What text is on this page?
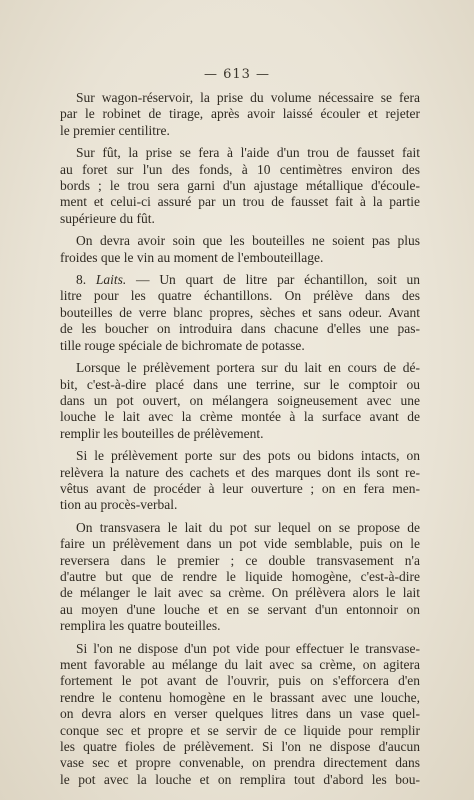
— 613 —
Sur wagon-réservoir, la prise du volume nécessaire se fera
par le robinet de tirage, après avoir laissé écouler et rejeter
le premier centilitre.
Sur fût, la prise se fera à l'aide d'un trou de fausset fait
au foret sur l'un des fonds, à 10 centimètres environ des
bords ; le trou sera garni d'un ajustage métallique d'écoule-
ment et celui-ci assuré par un trou de fausset fait à la partie
supérieure du fût.
On devra avoir soin que les bouteilles ne soient pas plus
froides que le vin au moment de l'embouteillage.
8. Laits. — Un quart de litre par échantillon, soit un
litre pour les quatre échantillons. On prélève dans des
bouteilles de verre blanc propres, sèches et sans odeur. Avant
de les boucher on introduira dans chacune d'elles une pas-
tille rouge spéciale de bichromate de potasse.
Lorsque le prélèvement portera sur du lait en cours de dé-
bit, c'est-à-dire placé dans une terrine, sur le comptoir ou
dans un pot ouvert, on mélangera soigneusement avec une
louche le lait avec la crème montée à la surface avant de
remplir les bouteilles de prélèvement.
Si le prélèvement porte sur des pots ou bidons intacts, on
relèvera la nature des cachets et des marques dont ils sont re-
vêtus avant de procéder à leur ouverture ; on en fera men-
tion au procès-verbal.
On transvasera le lait du pot sur lequel on se propose de
faire un prélèvement dans un pot vide semblable, puis on le
reversera dans le premier ; ce double transvasement n'a
d'autre but que de rendre le liquide homogène, c'est-à-dire
de mélanger le lait avec sa crème. On prélèvera alors le lait
au moyen d'une louche et en se servant d'un entonnoir on
remplira les quatre bouteilles.
Si l'on ne dispose d'un pot vide pour effectuer le transvase-
ment favorable au mélange du lait avec sa crème, on agitera
fortement le pot avant de l'ouvrir, puis on s'efforcera d'en
rendre le contenu homogène en le brassant avec une louche,
on devra alors en verser quelques litres dans un vase quel-
conque sec et propre et se servir de ce liquide pour remplir
les quatre fioles de prélèvement. Si l'on ne dispose d'aucun
vase sec et propre convenable, on prendra directement dans
le pot avec la louche et on remplira tout d'abord les bou-
